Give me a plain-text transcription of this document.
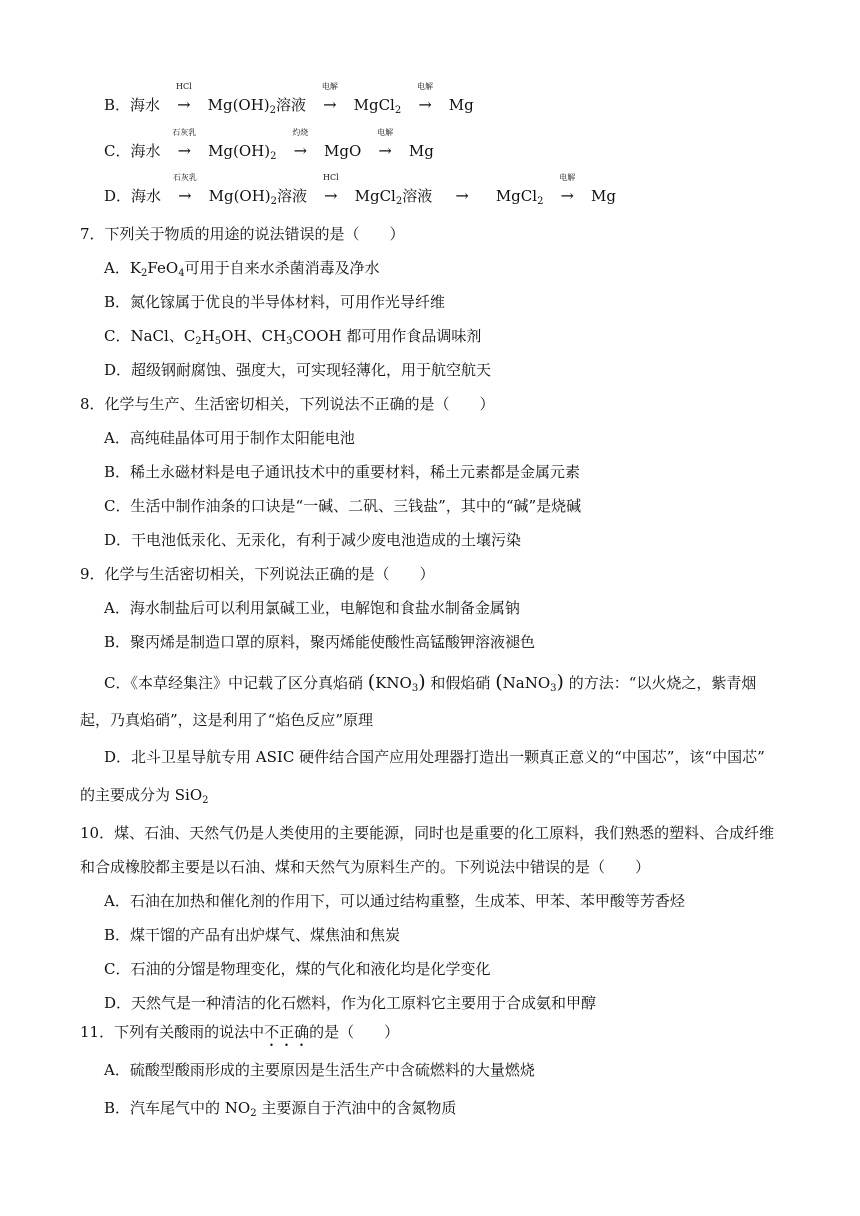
B．海水
HCl
→ $Mg(OH)_2$溶液
电解
→ MgCl$_2$
电解
→ Mg
C．海水
石灰乳
→ $Mg(OH)_2$
灼烧
→ MgO
电解
→ Mg
D．海水
石灰乳
→ $Mg(OH)_2$溶液
HCl
→ MgCl$_2$溶液 → MgCl$_2$
电解
→ Mg
7．下列关于物质的用途的说法错误的是（　　）
A．$K_2FeO_4$可用于自来水杀菌消毒及净水
B．氮化镓属于优良的半导体材料，可用作光导纤维
C．NaCl、$C_2H_5OH$、$CH_3COOH$ 都可用作食品调味剂
D．超级钢耐腐蚀、强度大，可实现轻薄化，用于航空航天
8．化学与生产、生活密切相关，下列说法不正确的是（　　）
A．高纯硅晶体可用于制作太阳能电池
B．稀土永磁材料是电子通讯技术中的重要材料，稀土元素都是金属元素
C．生活中制作油条的口诀是“一碱、二矾、三钱盐”，其中的“碱”是烧碱
D．干电池低汞化、无汞化，有利于减少废电池造成的土壤污染
9．化学与生活密切相关，下列说法正确的是（　　）
A．海水制盐后可以利用氯碱工业，电解饱和食盐水制备金属钠
B．聚丙烯是制造口罩的原料，聚丙烯能使酸性高锰酸钾溶液褪色
C．《本草经集注》中记载了区分真焰硝 $(KNO_3)$ 和假焰硝 (NaNO$_3$) 的方法：“以火烧之，紫青烟
起，乃真焰硝”，这是利用了“焰色反应”原理
D．北斗卫星导航专用 ASIC 硬件结合国产应用处理器打造出一颗真正意义的“中国芯”，该“中国芯”
的主要成分为 SiO$_2$
10．煤、石油、天然气仍是人类使用的主要能源，同时也是重要的化工原料，我们熟悉的塑料、合成纤维
和合成橡胶都主要是以石油、煤和天然气为原料生产的。下列说法中错误的是（　　）
A．石油在加热和催化剂的作用下，可以通过结构重整，生成苯、甲苯、苯甲酸等芳香烃
B．煤干馏的产品有出炉煤气、煤焦油和焦炭
C．石油的分馏是物理变化，煤的气化和液化均是化学变化
D．天然气是一种清洁的化石燃料，作为化工原料它主要用于合成氨和甲醇
11．下列有关酸雨的说法中不正确的是（　　）
A．硫酸型酸雨形成的主要原因是生活生产中含硫燃料的大量燃烧
B．汽车尾气中的 $NO_2$ 主要源自于汽油中的含氮物质
